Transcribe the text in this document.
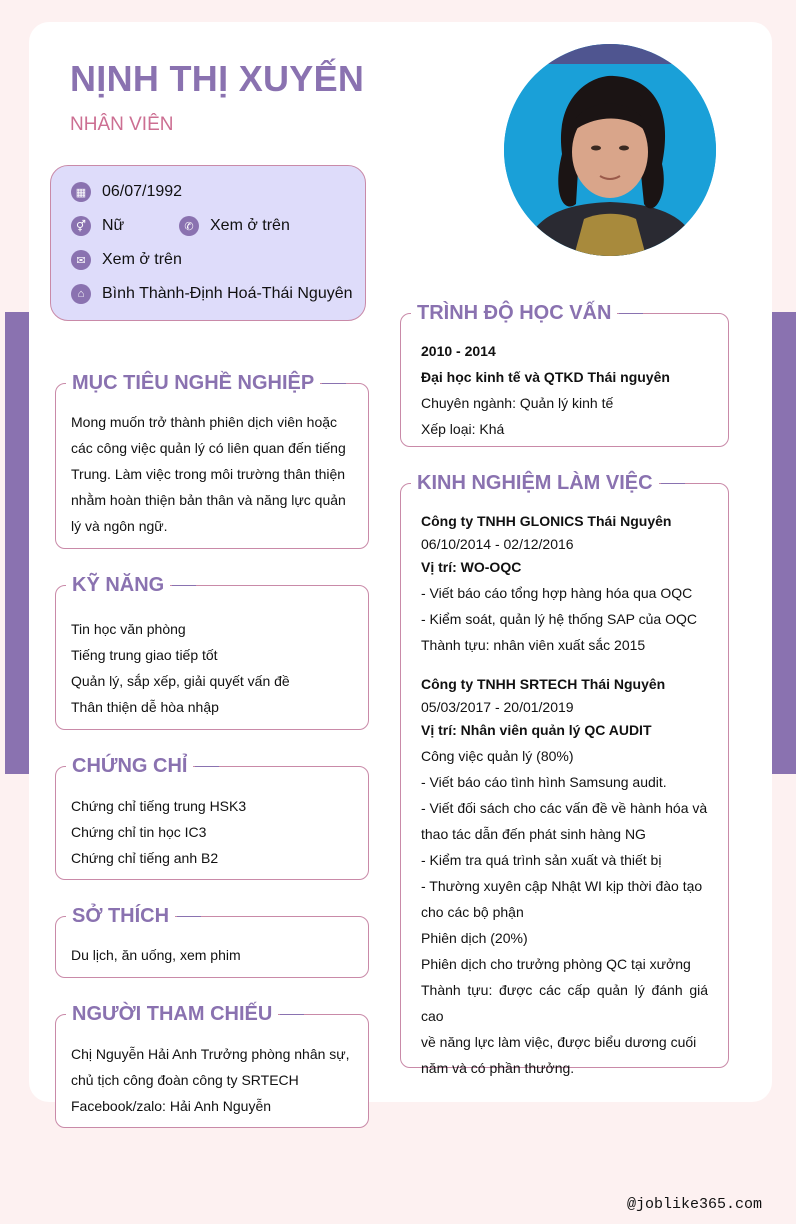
NỊNH THỊ XUYẾN
NHÂN VIÊN
▦ 06/07/1992
⚥	Nữ	✆	Xem ở trên
✉	Xem ở trên
⌂	Bình Thành-Định Hoá-Thái Nguyên
MỤC TIÊU NGHỀ NGHIỆP
Mong muốn trở thành phiên dịch viên hoặc
các công việc quản lý có liên quan đến tiếng
Trung. Làm việc trong môi trường thân thiện
nhằm hoàn thiện bản thân và năng lực quản
lý và ngôn ngữ.
KỸ NĂNG
Tin học văn phòng
Tiếng trung giao tiếp tốt
Quản lý, sắp xếp, giải quyết vấn đề
Thân thiện dễ hòa nhập
CHỨNG CHỈ
Chứng chỉ tiếng trung HSK3
Chứng chỉ tin học IC3
Chứng chỉ tiếng anh B2
SỞ THÍCH
Du lịch, ăn uống, xem phim
NGƯỜI THAM CHIẾU
Chị Nguyễn Hải Anh Trưởng phòng nhân sự,
chủ tịch công đoàn công ty SRTECH
Facebook/zalo: Hải Anh Nguyễn
TRÌNH ĐỘ HỌC VẤN
2010 - 2014
Đại học kinh tế và QTKD Thái nguyên
Chuyên ngành: Quản lý kinh tế
Xếp loại: Khá
KINH NGHIỆM LÀM VIỆC
Công ty TNHH GLONICS Thái Nguyên
06/10/2014 - 02/12/2016
Vị trí: WO-OQC
- Viết báo cáo tổng hợp hàng hóa qua OQC
- Kiểm soát, quản lý hệ thống SAP của OQC
Thành tựu: nhân viên xuất sắc 2015
Công ty TNHH SRTECH Thái Nguyên
05/03/2017 - 20/01/2019
Vị trí: Nhân viên quản lý QC AUDIT
Công việc quản lý (80%)
- Viết báo cáo tình hình Samsung audit.
- Viết đối sách cho các vấn đề về hành hóa và
thao tác dẫn đến phát sinh hàng NG
- Kiểm tra quá trình sản xuất và thiết bị
- Thường xuyên cập Nhật WI kịp thời đào tạo
cho các bộ phận
Phiên dịch (20%)
Phiên dịch cho trưởng phòng QC tại xưởng
Thành tựu: được các cấp quản lý đánh giá cao
về năng lực làm việc, được biểu dương cuối
năm và có phần thưởng.
@joblike365.com
